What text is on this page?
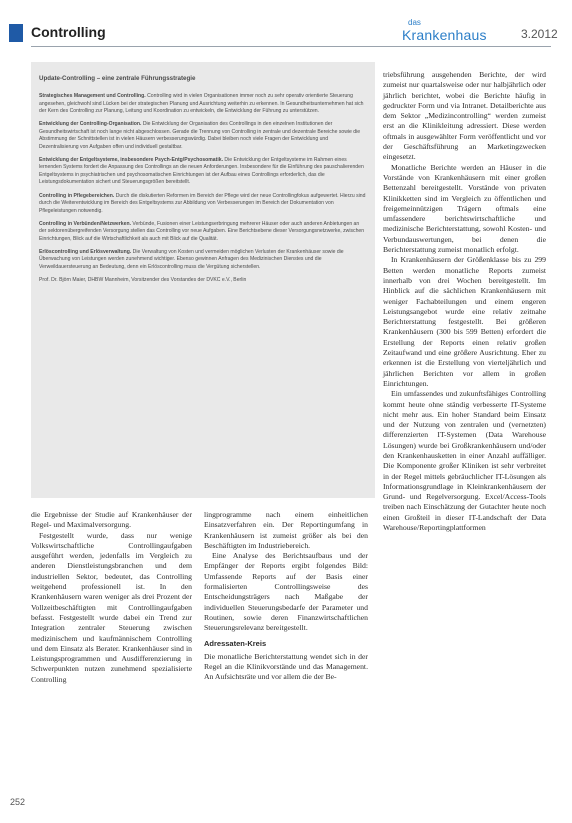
Controlling
das
Krankenhaus	3.2012
Update-Controlling – eine zentrale Führungsstrategie

Strategisches Management und Controlling. Controlling wird in vielen Organisationen immer noch zu sehr operativ orientierte Steuerung angesehen, gleichwohl sind Lücken bei der strategischen Planung und Ausrichtung weiterhin zu erkennen. In Gesundheitsunternehmen hat sich der Kern des Controlling zur Planung, Leitung und Koordination zu entwickeln, die Entwicklung der Führung zu unterstützen.

Entwicklung der Controlling-Organisation. Die Entwicklung der Organisation des Controllings in den einzelnen Institutionen der Gesundheitswirtschaft ist noch lange nicht abgeschlossen. Gerade die Trennung von Controlling in zentrale und dezentrale Bereiche sowie die Abstimmung der Schnittstellen ist in vielen Häusern verbesserungswürdig. Dabei bleiben noch viele Fragen der Entwicklung und Dezentralisierung von Aufgaben offen und individuell gestaltbar.

Entwicklung der Entgeltsysteme, insbesondere Psych-Entg/Psychosomatik. Die Entwicklung der Entgeltsysteme im Rahmen eines lernenden Systems fordert die Anpassung des Controllings an die neuen Anforderungen. Insbesondere für die Einführung des pauschalierenden Entgeltsystems in psychiatrischen und psychosomatischen Einrichtungen ist der Aufbau eines Controllings erforderlich, das die Leistungsdokumentation sichert und Steuerungsgrößen bereitstellt.

Controlling in Pflegebereichen. Durch die diskutierten Reformen im Bereich der Pflege wird der neue Controllingfokus aufgewertet. Hierzu sind durch die Weiterentwicklung im Bereich des Entgeltsystems zur Abbildung von Verbesserungen im Bereich der Dokumentation von Pflegeleistungen notwendig.

Controlling in Verbünden/Netzwerken. Verbünde, Fusionen einer Leistungserbringung mehrerer Häuser oder auch anderen Anbietungen an der sektorenübergreifenden Versorgung stellen das Controlling vor neue Aufgaben. Eine Berichtsebene dieser Versorgungsnetzwerke, zwischen Einrichtungen, Blick auf die Wirtschaftlichkeit als auch mit Blick auf die Qualität.

Erlöscontrolling und Erlösverwaltung. Die Verwaltung von Kosten und vermeiden möglichen Verlusten der Krankenhäuser sowie die Überwachung von Leistungen werden zunehmend wichtiger. Ebenso gewinnen Anfragen des Medizinischen Dienstes und die Verweildauersteuerung an Bedeutung, denn ein Erlöscontrolling muss die Vergütung sicherstellen.

Prof. Dr. Björn Maier, DHBW Mannheim, Vorsitzender des Vorstandes der DVKC e.V., Berlin

die Ergebnisse der Studie auf Krankenhäuser der Regel- und Maximalversorgung.

Festgestellt wurde, dass nur wenige Volkswirtschaftliche Controllingaufgaben ausgeführt werden, jedenfalls im Vergleich zu anderen Dienstleistungsbranchen und dem industriellen Sektor, bedeutet, das Controlling weitgehend professionell ist. In den Krankenhäusern waren weniger als drei Prozent der Vollzeitbeschäftigten mit Controllingaufgaben befasst. Festgestellt wurde dabei ein Trend zur Integration zentraler Steuerung zwischen medizinischem und kaufmännischem Controlling und dem Einsatz als Berater. Krankenhäuser sind in Leistungsprogrammen und Ausdifferenzierung in Schwerpunkten nutzen zunehmend spezialisierte Controlling

lingprogramme nach einem einheitlichen Einsatzverfahren ein. Der Reportingumfang in Krankenhäusern ist zumeist größer als bei den Beschäftigten im Industriebereich.

Eine Analyse des Berichtsaufbaus und der Empfänger der Reports ergibt folgendes Bild: Umfassende Reports auf der Basis einer formalisierten Controllingsweise des Entscheidungsträgers nach Maßgabe der individuellen Steuerungsbedarfe der Parameter und Routinen, sowie deren Finanzwirtschaftlichen Steuerungsrelevanz bereitgestellt.

Adressaten-Kreis

Die monatliche Berichterstattung wendet sich in der Regel an die Klinikvorstände und das Management. An Aufsichtsräte und vor allem die der Be-

triebsführung ausgehenden Berichte, der wird zumeist nur quartalsweise oder nur halbjährlich oder jährlich berichtet, wobei die Berichte häufig in gedruckter Form und via Intranet. Detailberichte aus dem Sektor „Medizincontrolling“ werden zumeist erst an die Klinikleitung adressiert. Diese werden oftmals in ausgewählter Form veröffentlicht und vor der Geschäftsführung an Marketingzwecken eingesetzt.

Monatliche Berichte werden an Häuser in die Vorstände von Krankenhäusern mit einer großen Bettenzahl bereitgestellt. Vorstände von privaten Klinikketten sind im Vergleich zu öffentlichen und freigemeinnützigen Trägern oftmals eine umfassendere berichtswirtschaftliche und medizinische Berichterstattung, sowohl Kosten- und Verbundauswertungen, bei denen die Berichterstattung zumeist monatlich erfolgt.

In Krankenhäusern der Größenklasse bis zu 299 Betten werden monatliche Reports zumeist innerhalb von drei Wochen bereitgestellt. Im Hinblick auf die sächlichen Krankenhäusern mit weniger Fachabteilungen und einem engeren Leistungsangebot wurde eine relativ zeitnahe Berichterstattung festgestellt. Bei größeren Krankenhäusern (300 bis 599 Betten) erfordert die Erstellung der Reports einen relativ großen Zeitaufwand und eine größere Ausrichtung. Eher zu erkennen ist die Erstellung von vierteljährlich und jährlichen Berichten vor allem in großen Einrichtungen.

Ein umfassendes und zukunftsfähiges Controlling kommt heute ohne ständig verbesserte IT-Systeme nicht mehr aus. Ein hoher Standard beim Einsatz und der Nutzung von zentralen und (vernetzten) differenzierten IT-Systemen (Data Warehouse Lösungen) wurde bei Großkrankenhäusern und/oder den Krankenhausketten in einer Anzahl auffälliger. Die Komponente großer Kliniken ist sehr verbreitet in der Regel mittels gebräuchlicher IT-Lösungen als Informationsgrundlage in Kleinkrankenhäusern der Grund- und Regelversorgung. Excel/Access-Tools treiben nach Einschätzung der Gutachter heute noch einen Großteil in dieser IT-Landschaft der Data Warehouse/Reportingplattformen

252
